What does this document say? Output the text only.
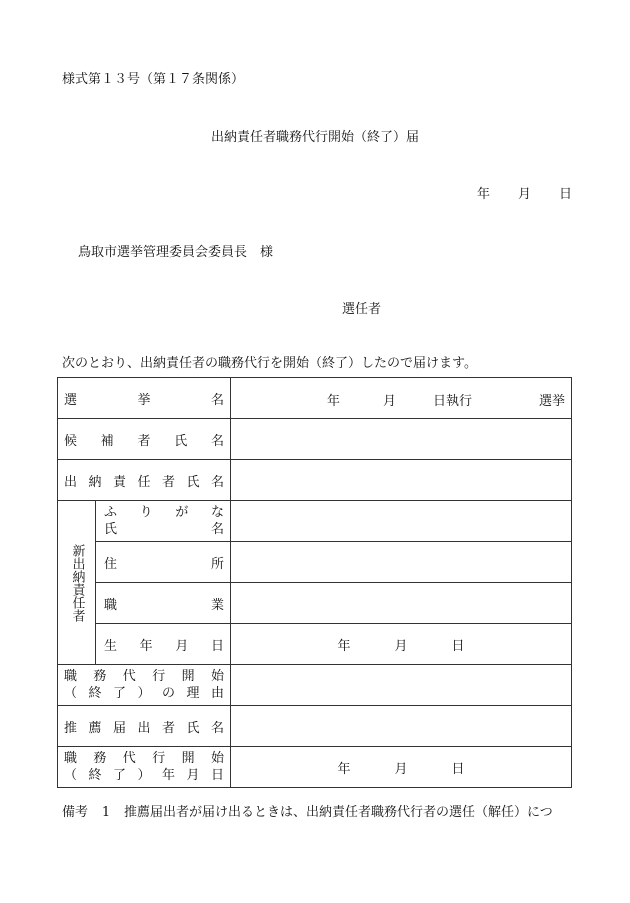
様式第１３号（第１７条関係）
出納責任者職務代行開始（終了）届
年 月 日
鳥取市選挙管理委員会委員長　様
選任者
次のとおり、出納責任者の職務代行を開始（終了）したので届けます。
選挙名		年 月 日執行 選挙

候補者氏名		
出納責任者氏名		
新出納責任者	ふりがな
氏名	

	住所	
	職業	
	生年月日	年 月 日

職務代行開始
（終了）の理由		

推薦届出者氏名		

職務代行開始
（終了）年月日		年 月 日
備考 1 推薦届出者が届け出るときは、出納責任者職務代行者の選任（解任）につ
